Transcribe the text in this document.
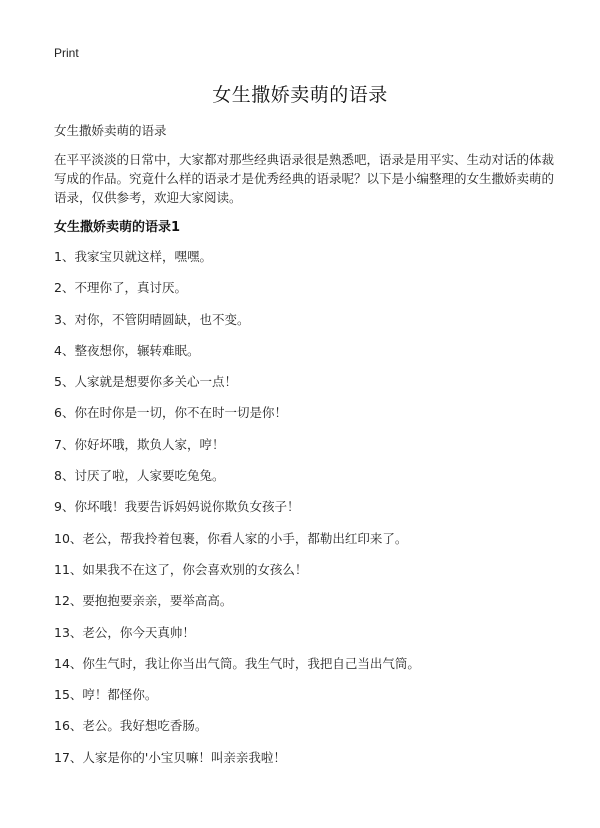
Print
女生撒娇卖萌的语录
女生撒娇卖萌的语录

在平平淡淡的日常中，大家都对那些经典语录很是熟悉吧，语录是用平实、生动对话的体裁写成的作品。究竟什么样的语录才是优秀经典的语录呢？以下是小编整理的女生撒娇卖萌的语录，仅供参考，欢迎大家阅读。

女生撒娇卖萌的语录1
1、我家宝贝就这样，嘿嘿。
2、不理你了，真讨厌。
3、对你，不管阴晴圆缺，也不变。
4、整夜想你，辗转难眠。
5、人家就是想要你多关心一点！
6、你在时你是一切，你不在时一切是你！
7、你好坏哦，欺负人家，哼！
8、讨厌了啦，人家要吃兔兔。
9、你坏哦！我要告诉妈妈说你欺负女孩子！
10、老公，帮我拎着包裹，你看人家的小手，都勒出红印来了。
11、如果我不在这了，你会喜欢别的女孩么！
12、要抱抱要亲亲，要举高高。
13、老公，你今天真帅！
14、你生气时，我让你当出气筒。我生气时，我把自己当出气筒。
15、哼！都怪你。
16、老公。我好想吃香肠。
17、人家是你的'小宝贝嘛！叫亲亲我啦！
